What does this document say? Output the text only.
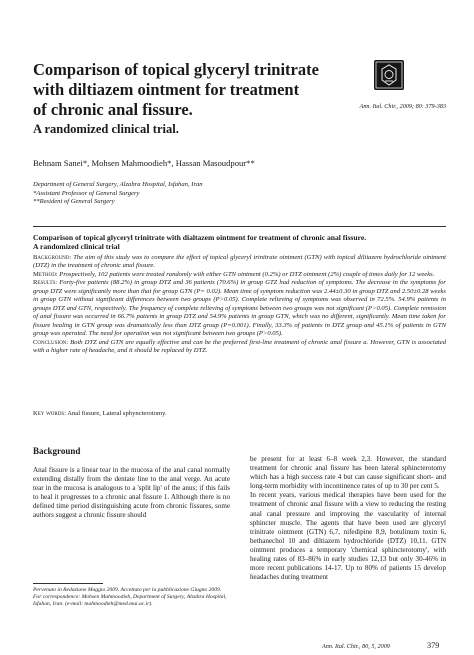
Comparison of topical glyceryl trinitrate
with diltiazem ointment for treatment
of chronic anal fissure.
A randomized clinical trial.
Ann. Ital. Chir., 2009; 80: 379-383
Behnam Sanei*, Mohsen Mahmoodieh*, Hassan Masoudpour**
Department of General Surgery, Alzahra Hospital, Isfahan, Iran
*Assistant Professor of General Surgery
**Resident of General Surgery
Comparison of topical glyceryl trinitrate with dialtazem ointment for treatment of chronic anal fissure.
A randomized clinical trial

Background: The aim of this study was to compare the effect of topical glyceryl trinitrate ointment (GTN) with topical diltiazem hydrochloride ointment (DTZ) in the treatment of chronic anal fissure.

Method: Prospectively, 102 patients were treated randomly with either GTN ointment (0.2%) or DTZ ointment (2%) couple of times daily for 12 weeks.

Results: Forty-five patients (88.2%) in group DTZ and 36 patients (70.6%) in group GTZ had reduction of symptoms. The decrease in the symptoms for group DTZ were significantly more than that for group GTN (P= 0.02). Mean time of symptom reduction was 2.44±0.30 in group DTZ and 2.50±0.28 weeks in group GTN without significant differences between two groups (P>0.05). Complete relieving of symptoms was observed in 72.5%. 54.9% patients in groups DTZ and GTN, respectively. The frequency of complete relieving of symptoms between two groups was not significant (P>0.05). Complete remission of anal fissure was occurred in 66.7% patients in group DTZ and 54.9% patients in group GTN, which was no different, significantly. Mean time taken for fissure healing in GTN group was dramatically less than DTZ group (P=0.001). Finally, 33.3% of patients in DTZ group and 45.1% of patients in GTN group was operated. The need for operation was not significant between two groups (P>0.05).

Conclusion: Both DTZ and GTN are equally effective and can be the preferred first-line treatment of chronic anal fissure a. However, GTN is associated with a higher rate of headache, and it should be replaced by DTZ.

Key words: Anal fissure, Lateral sphyncterotomy.
Background

Anal fissure is a linear tear in the mucosa of the anal canal normally extending distally from the dentate line to the anal verge. An acute tear in the mucosa is analogous to a 'split lip' of the anus; if this fails to heal it progresses to a chronic anal fissure 1. Although there is no defined time period distinguishing acute from chronic fissures, some authors suggest a chronic fissure should

be present for at least 6–8 week 2,3. However, the standard treatment for chronic anal fissure has been lateral sphincterotomy which has a high success rate 4 but can cause significant short- and long-term morbidity with incontinence rates of up to 30 per cent 5.

In recent years, various medical therapies have been used for the treatment of chronic anal fissure with a view to reducing the resting anal canal pressure and improving the vascularity of internal sphincter muscle. The agents that have been used are glyceryl trinitrate ointment (GTN) 6,7, nifedipine 8,9, botulinum toxin 6, bethanechol 10 and diltiazem hydrochloride (DTZ) 10,11. GTN ointment produces a temporary 'chemical sphincterotomy', with healing rates of 83–86% in early studies 12,13 but only 30-46% in more recent publications 14-17. Up to 80% of patients 15 develop headaches during treatment

Pervenuto in Redazione Maggio 2009. Accettato per la pubblicazione Giugno 2009.

For correspondence: Mohsen Mahmoodieh, Department of Surgery, Alzahra Hospital, Isfahan, Iran. (e-mail: mahmoodieh@med.mui.ac.ir).

Ann. Ital. Chir., 80, 5, 2009	379
